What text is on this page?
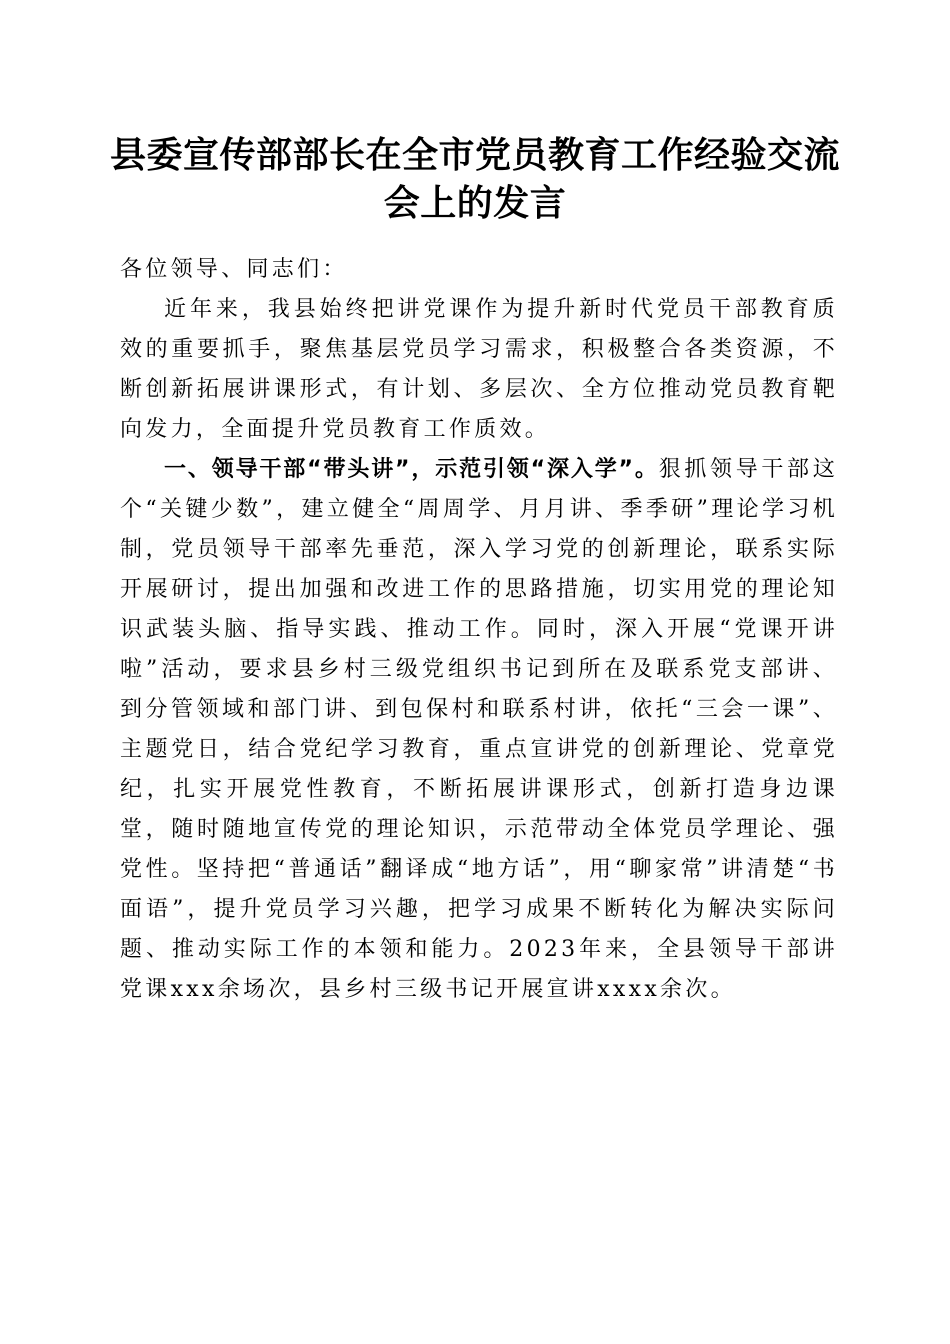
县委宣传部部长在全市党员教育工作经验交流
会上的发言

各位领导、同志们：

近年来，我县始终把讲党课作为提升新时代党员干部教育质效的重要抓手，聚焦基层党员学习需求，积极整合各类资源，不断创新拓展讲课形式，有计划、多层次、全方位推动党员教育靶向发力，全面提升党员教育工作质效。

一、领导干部“带头讲”，示范引领“深入学”。狠抓领导干部这个“关键少数”，建立健全“周周学、月月讲、季季研”理论学习机制，党员领导干部率先垂范，深入学习党的创新理论，联系实际开展研讨，提出加强和改进工作的思路措施，切实用党的理论知识武装头脑、指导实践、推动工作。同时，深入开展“党课开讲啦”活动，要求县乡村三级党组织书记到所在及联系党支部讲、到分管领域和部门讲、到包保村和联系村讲，依托“三会一课”、主题党日，结合党纪学习教育，重点宣讲党的创新理论、党章党纪，扎实开展党性教育，不断拓展讲课形式，创新打造身边课堂，随时随地宣传党的理论知识，示范带动全体党员学理论、强党性。坚持把“普通话”翻译成“地方话”，用“聊家常”讲清楚“书面语”，提升党员学习兴趣，把学习成果不断转化为解决实际问题、推动实际工作的本领和能力。2023年来，全县领导干部讲党课xxx余场次，县乡村三级书记开展宣讲xxxx余次。
